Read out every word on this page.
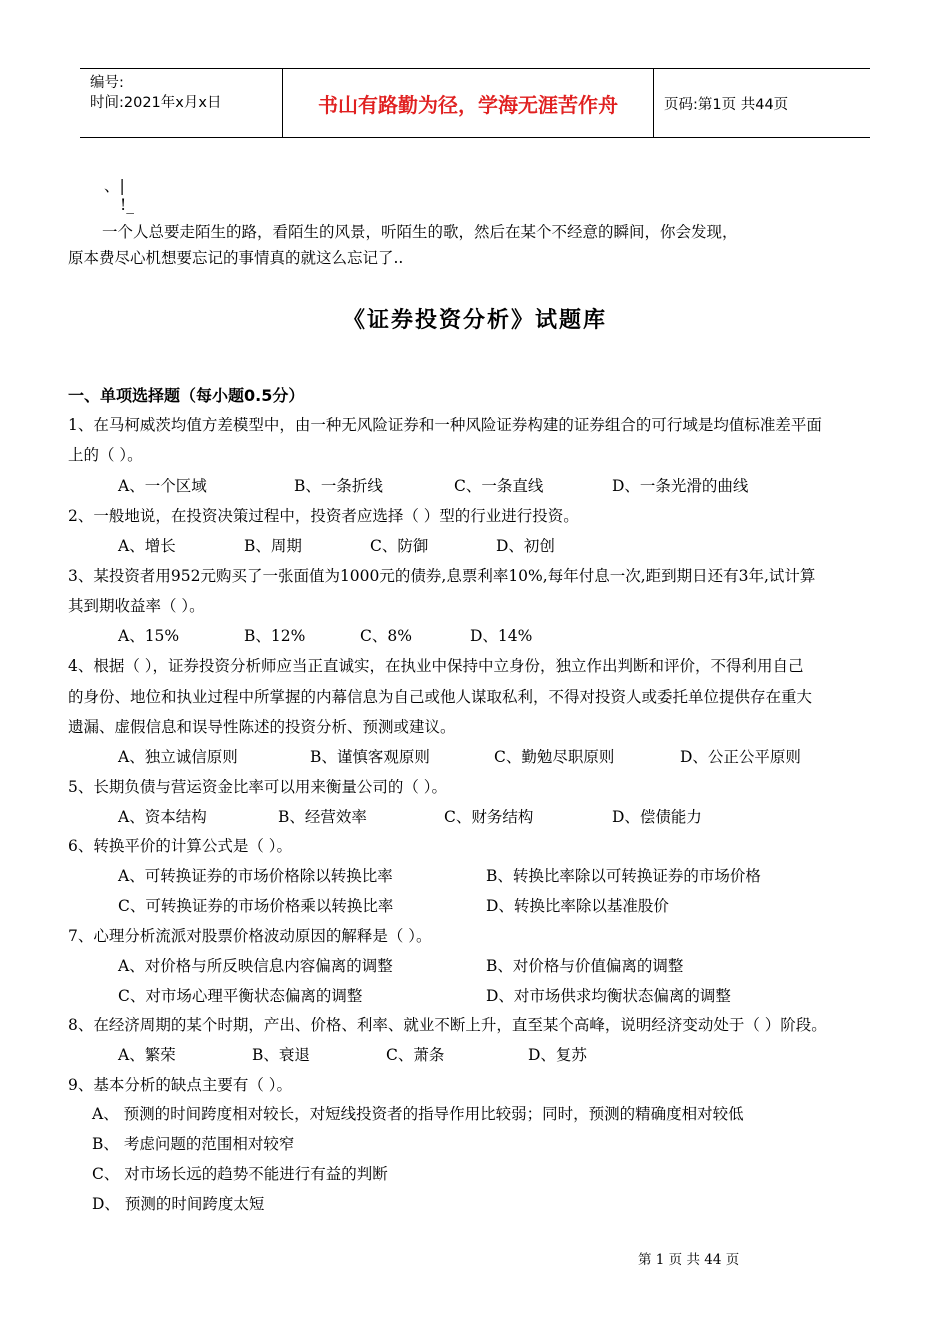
编号:
时间:2021年x月x日	书山有路勤为径，学海无涯苦作舟	页码:第1页 共44页
、|
!_
一个人总要走陌生的路，看陌生的风景，听陌生的歌，然后在某个不经意的瞬间，你会发现，
原本费尽心机想要忘记的事情真的就这么忘记了..
《证券投资分析》试题库
一、单项选择题（每小题0.5分）
1、在马柯威茨均值方差模型中，由一种无风险证券和一种风险证券构建的证券组合的可行域是均值标准差平面
上的（ ）。
A、一个区域	B、一条折线	C、一条直线	D、一条光滑的曲线
2、一般地说，在投资决策过程中，投资者应选择（ ）型的行业进行投资。
A、增长	B、周期	C、防御	D、初创
3、某投资者用952元购买了一张面值为1000元的债券,息票利率10%,每年付息一次,距到期日还有3年,试计算
其到期收益率（ ）。
A、15%	B、12%	C、8%	D、14%
4、根据（ ），证券投资分析师应当正直诚实，在执业中保持中立身份，独立作出判断和评价，不得利用自己
的身份、地位和执业过程中所掌握的内幕信息为自己或他人谋取私利，不得对投资人或委托单位提供存在重大
遗漏、虚假信息和误导性陈述的投资分析、预测或建议。
A、独立诚信原则	B、谨慎客观原则	C、勤勉尽职原则	D、公正公平原则
5、长期负债与营运资金比率可以用来衡量公司的（ ）。
A、资本结构	B、经营效率	C、财务结构	D、偿债能力
6、转换平价的计算公式是（ ）。
A、可转换证券的市场价格除以转换比率	B、转换比率除以可转换证券的市场价格
C、可转换证券的市场价格乘以转换比率	D、转换比率除以基准股价
7、心理分析流派对股票价格波动原因的解释是（ ）。
A、对价格与所反映信息内容偏离的调整	B、对价格与价值偏离的调整
C、对市场心理平衡状态偏离的调整	D、对市场供求均衡状态偏离的调整
8、在经济周期的某个时期，产出、价格、利率、就业不断上升，直至某个高峰，说明经济变动处于（ ）阶段。
A、繁荣	B、衰退	C、萧条	D、复苏
9、基本分析的缺点主要有（ ）。
A、 预测的时间跨度相对较长，对短线投资者的指导作用比较弱；同时，预测的精确度相对较低
B、 考虑问题的范围相对较窄
C、 对市场长远的趋势不能进行有益的判断
D、 预测的时间跨度太短
第 1 页 共 44 页
